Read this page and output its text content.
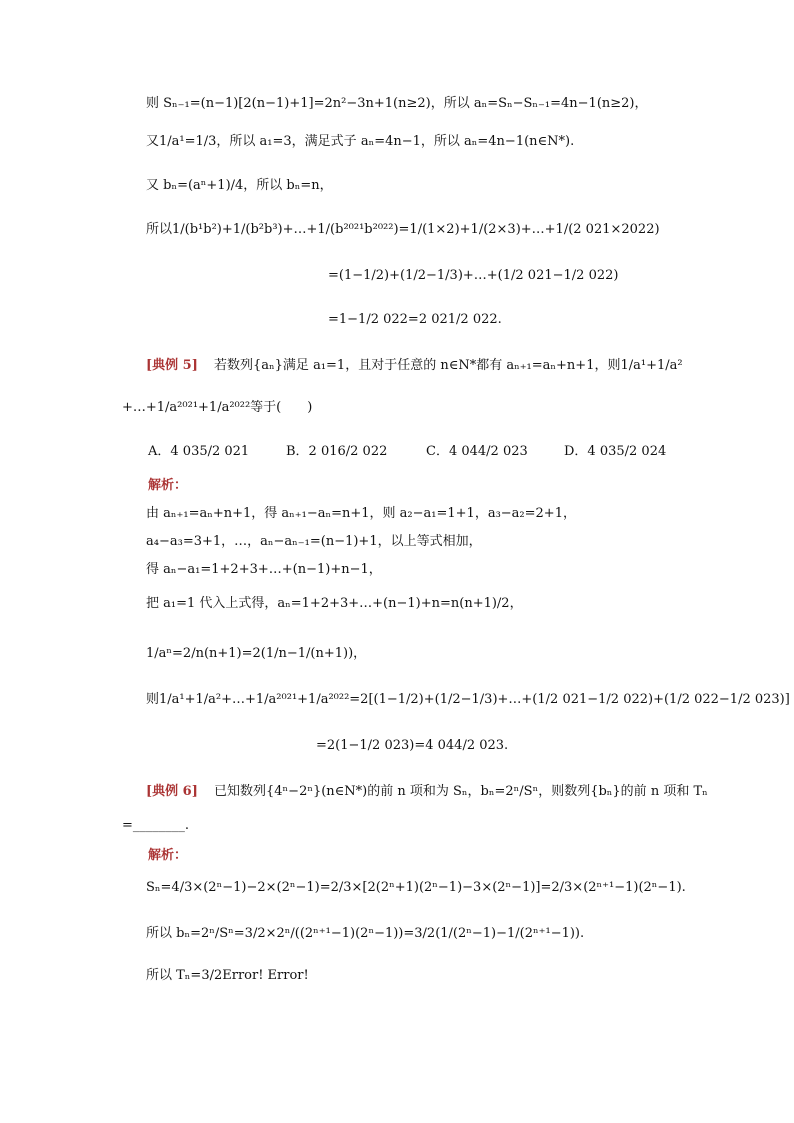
则 Sₙ₋₁=(n−1)[2(n−1)+1]=2n²−3n+1(n≥2)，所以 aₙ=Sₙ−Sₙ₋₁=4n−1(n≥2)，
又1/a¹=1/3，所以 a₁=3，满足式子 aₙ=4n−1，所以 aₙ=4n−1(n∈N*).
又 bₙ=(aⁿ+1)/4，所以 bₙ=n，
所以1/(b¹b²)+1/(b²b³)+…+1/(b²⁰²¹b²⁰²²)=1/(1×2)+1/(2×3)+…+1/(2 021×2022)
=(1−1/2)+(1/2−1/3)+…+(1/2 021−1/2 022)
=1−1/2 022=2 021/2 022.
[典例 5] 若数列{aₙ}满足 a₁=1，且对于任意的 n∈N*都有 aₙ₊₁=aₙ+n+1，则1/a¹+1/a²
+…+1/a²⁰²¹+1/a²⁰²²等于(　　)
A．4 035/2 021	B．2 016/2 022	C．4 044/2 023	D．4 035/2 024
解析：
由 aₙ₊₁=aₙ+n+1，得 aₙ₊₁−aₙ=n+1，则 a₂−a₁=1+1，a₃−a₂=2+1，
a₄−a₃=3+1，…，aₙ−aₙ₋₁=(n−1)+1，以上等式相加，
得 aₙ−a₁=1+2+3+…+(n−1)+n−1，
把 a₁=1 代入上式得，aₙ=1+2+3+…+(n−1)+n=n(n+1)/2，
1/aⁿ=2/n(n+1)=2(1/n−1/(n+1))，
则1/a¹+1/a²+…+1/a²⁰²¹+1/a²⁰²²=2[(1−1/2)+(1/2−1/3)+…+(1/2 021−1/2 022)+(1/2 022−1/2 023)]
=2(1−1/2 023)=4 044/2 023.
[典例 6] 已知数列{4ⁿ−2ⁿ}(n∈N*)的前 n 项和为 Sₙ，bₙ=2ⁿ/Sⁿ，则数列{bₙ}的前 n 项和 Tₙ
=________.
解析：
Sₙ=4/3×(2ⁿ−1)−2×(2ⁿ−1)=2/3×[2(2ⁿ+1)(2ⁿ−1)−3×(2ⁿ−1)]=2/3×(2ⁿ⁺¹−1)(2ⁿ−1).
所以 bₙ=2ⁿ/Sⁿ=3/2×2ⁿ/((2ⁿ⁺¹−1)(2ⁿ−1))=3/2(1/(2ⁿ−1)−1/(2ⁿ⁺¹−1)).
所以 Tₙ=3/2Error! Error!
